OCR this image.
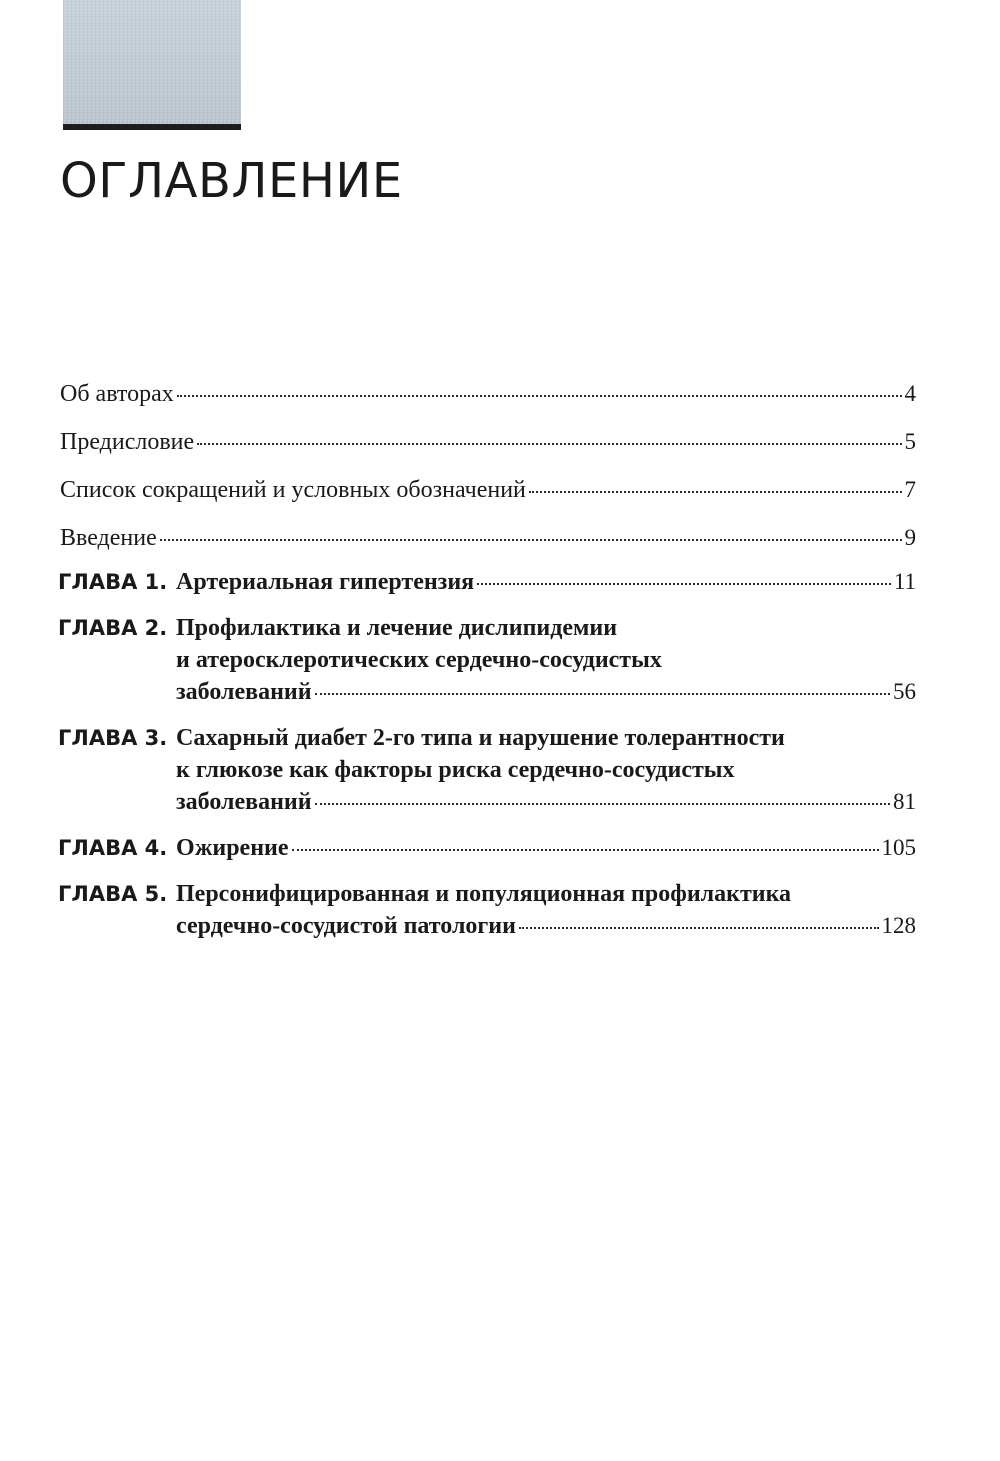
ОГЛАВЛЕНИЕ
Об авторах	4
Предисловие	5
Список сокращений и условных обозначений	7
Введение	9
ГЛАВА 1. Артериальная гипертензия	11
ГЛАВА 2. Профилактика и лечение дислипидемии
и атеросклеротических сердечно-сосудистых
заболеваний	56
ГЛАВА 3. Сахарный диабет 2-го типа и нарушение толерантности
к глюкозе как факторы риска сердечно-сосудистых
заболеваний	81
ГЛАВА 4. Ожирение	105
ГЛАВА 5. Персонифицированная и популяционная профилактика
сердечно-сосудистой патологии	128
